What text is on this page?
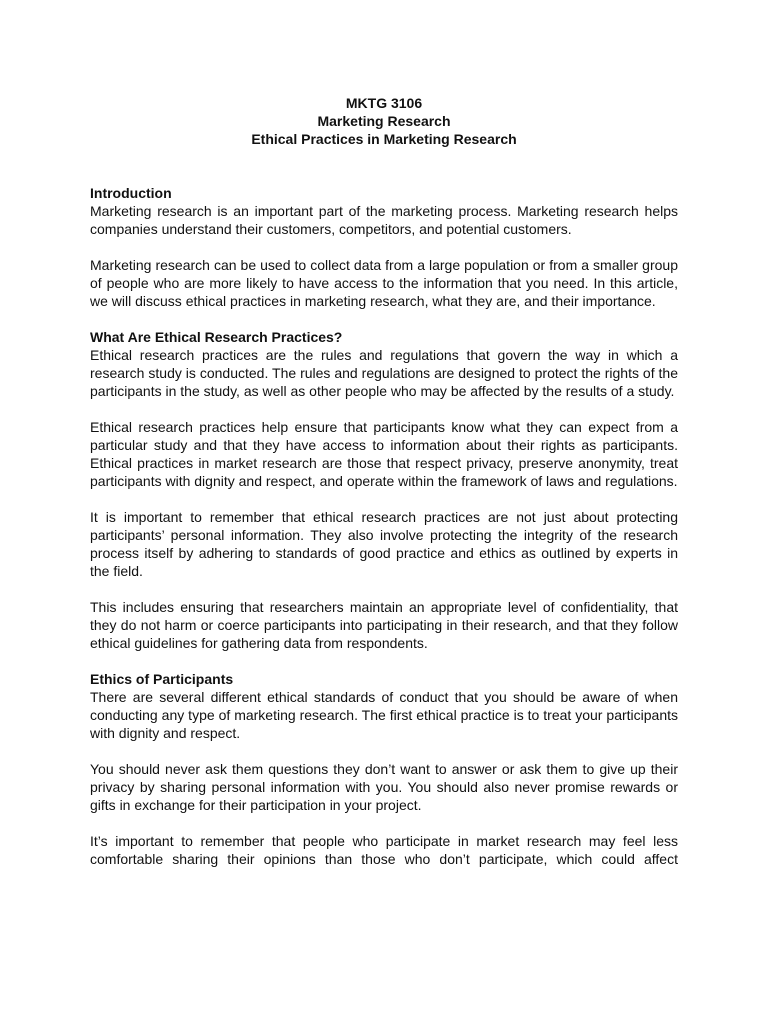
MKTG 3106
Marketing Research
Ethical Practices in Marketing Research
Introduction

Marketing research is an important part of the marketing process. Marketing research helps companies understand their customers, competitors, and potential customers.

Marketing research can be used to collect data from a large population or from a smaller group of people who are more likely to have access to the information that you need. In this article, we will discuss ethical practices in marketing research, what they are, and their importance.

What Are Ethical Research Practices?

Ethical research practices are the rules and regulations that govern the way in which a research study is conducted. The rules and regulations are designed to protect the rights of the participants in the study, as well as other people who may be affected by the results of a study.

Ethical research practices help ensure that participants know what they can expect from a particular study and that they have access to information about their rights as participants. Ethical practices in market research are those that respect privacy, preserve anonymity, treat participants with dignity and respect, and operate within the framework of laws and regulations.

It is important to remember that ethical research practices are not just about protecting participants’ personal information. They also involve protecting the integrity of the research process itself by adhering to standards of good practice and ethics as outlined by experts in the field.

This includes ensuring that researchers maintain an appropriate level of confidentiality, that they do not harm or coerce participants into participating in their research, and that they follow ethical guidelines for gathering data from respondents.

Ethics of Participants

There are several different ethical standards of conduct that you should be aware of when conducting any type of marketing research. The first ethical practice is to treat your participants with dignity and respect.

You should never ask them questions they don’t want to answer or ask them to give up their privacy by sharing personal information with you. You should also never promise rewards or gifts in exchange for their participation in your project.

It’s important to remember that people who participate in market research may feel less comfortable sharing their opinions than those who don’t participate, which could affect
